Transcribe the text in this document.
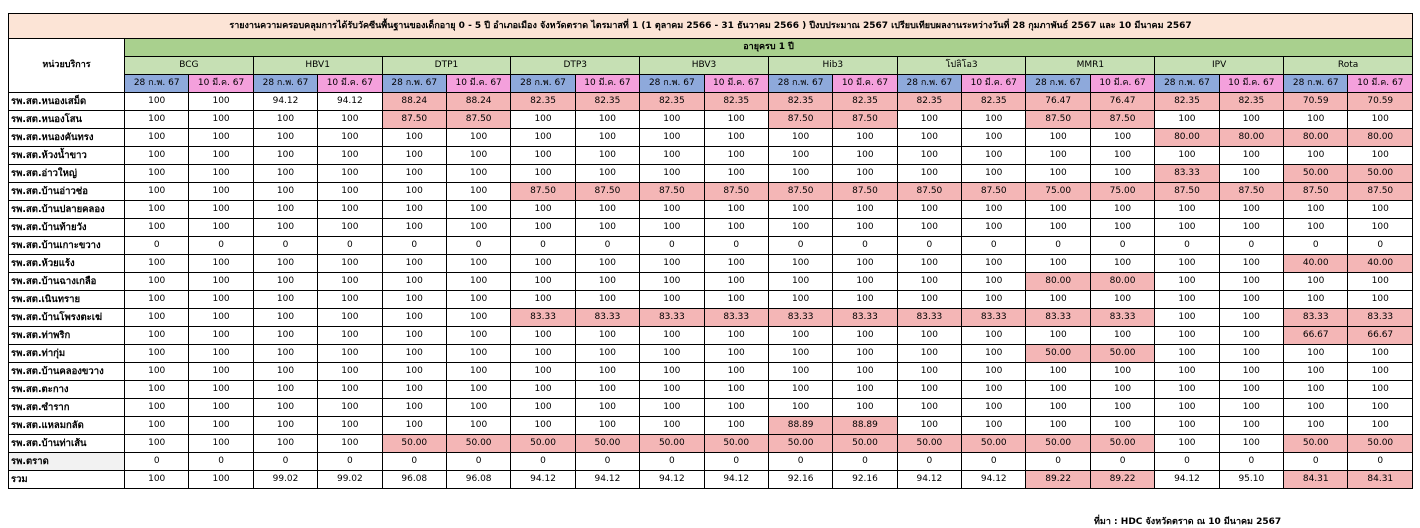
รายงานความครอบคลุมการได้รับวัคซีนพื้นฐานของเด็กอายุ 0 - 5 ปี อำเภอเมือง จังหวัดตราด ไตรมาสที่ 1 (1 ตุลาคม 2566 - 31 ธันวาคม 2566 ) ปีงบประมาณ 2567 เปรียบเทียบผลงานระหว่างวันที่ 28 กุมภาพันธ์ 2567 และ 10 มีนาคม 2567																				
หน่วยบริการ	อายุครบ 1 ปี																			
	BCG		HBV1		DTP1		DTP3		HBV3		Hib3		โปลิโอ3		MMR1		IPV		Rota	
	28 ก.พ. 67	10 มี.ค. 67	28 ก.พ. 67	10 มี.ค. 67	28 ก.พ. 67	10 มี.ค. 67	28 ก.พ. 67	10 มี.ค. 67	28 ก.พ. 67	10 มี.ค. 67	28 ก.พ. 67	10 มี.ค. 67	28 ก.พ. 67	10 มี.ค. 67	28 ก.พ. 67	10 มี.ค. 67	28 ก.พ. 67	10 มี.ค. 67	28 ก.พ. 67	10 มี.ค. 67
รพ.สต.หนองเสม็ด	100	100	94.12	94.12	88.24	88.24	82.35	82.35	82.35	82.35	82.35	82.35	82.35	82.35	76.47	76.47	82.35	82.35	70.59	70.59
รพ.สต.หนองโสน	100	100	100	100	87.50	87.50	100	100	100	100	87.50	87.50	100	100	87.50	87.50	100	100	100	100
รพ.สต.หนองคันทรง	100	100	100	100	100	100	100	100	100	100	100	100	100	100	100	100	80.00	80.00	80.00	80.00
รพ.สต.ห้วงน้ำขาว	100	100	100	100	100	100	100	100	100	100	100	100	100	100	100	100	100	100	100	100
รพ.สต.อ่าวใหญ่	100	100	100	100	100	100	100	100	100	100	100	100	100	100	100	100	83.33	100	50.00	50.00
รพ.สต.บ้านอ่าวช่อ	100	100	100	100	100	100	87.50	87.50	87.50	87.50	87.50	87.50	87.50	87.50	75.00	75.00	87.50	87.50	87.50	87.50
รพ.สต.บ้านปลายคลอง	100	100	100	100	100	100	100	100	100	100	100	100	100	100	100	100	100	100	100	100
รพ.สต.บ้านท้ายวัง	100	100	100	100	100	100	100	100	100	100	100	100	100	100	100	100	100	100	100	100
รพ.สต.บ้านเกาะขวาง	0	0	0	0	0	0	0	0	0	0	0	0	0	0	0	0	0	0	0	0
รพ.สต.ห้วยแร้ง	100	100	100	100	100	100	100	100	100	100	100	100	100	100	100	100	100	100	40.00	40.00
รพ.สต.บ้านฉางเกลือ	100	100	100	100	100	100	100	100	100	100	100	100	100	100	80.00	80.00	100	100	100	100
รพ.สต.เนินทราย	100	100	100	100	100	100	100	100	100	100	100	100	100	100	100	100	100	100	100	100
รพ.สต.บ้านโพรงตะเฆ่	100	100	100	100	100	100	83.33	83.33	83.33	83.33	83.33	83.33	83.33	83.33	83.33	83.33	100	100	83.33	83.33
รพ.สต.ท่าพริก	100	100	100	100	100	100	100	100	100	100	100	100	100	100	100	100	100	100	66.67	66.67
รพ.สต.ท่ากุ่ม	100	100	100	100	100	100	100	100	100	100	100	100	100	100	50.00	50.00	100	100	100	100
รพ.สต.บ้านคลองขวาง	100	100	100	100	100	100	100	100	100	100	100	100	100	100	100	100	100	100	100	100
รพ.สต.ตะกาง	100	100	100	100	100	100	100	100	100	100	100	100	100	100	100	100	100	100	100	100
รพ.สต.ซำราก	100	100	100	100	100	100	100	100	100	100	100	100	100	100	100	100	100	100	100	100
รพ.สต.แหลมกลัด	100	100	100	100	100	100	100	100	100	100	88.89	88.89	100	100	100	100	100	100	100	100
รพ.สต.บ้านท่าเส้น	100	100	100	100	50.00	50.00	50.00	50.00	50.00	50.00	50.00	50.00	50.00	50.00	50.00	50.00	100	100	50.00	50.00
รพ.ตราด	0	0	0	0	0	0	0	0	0	0	0	0	0	0	0	0	0	0	0	0
รวม	100	100	99.02	99.02	96.08	96.08	94.12	94.12	94.12	94.12	92.16	92.16	94.12	94.12	89.22	89.22	94.12	95.10	84.31	84.31
ที่มา : HDC จังหวัดตราด ณ 10 มีนาคม 2567
